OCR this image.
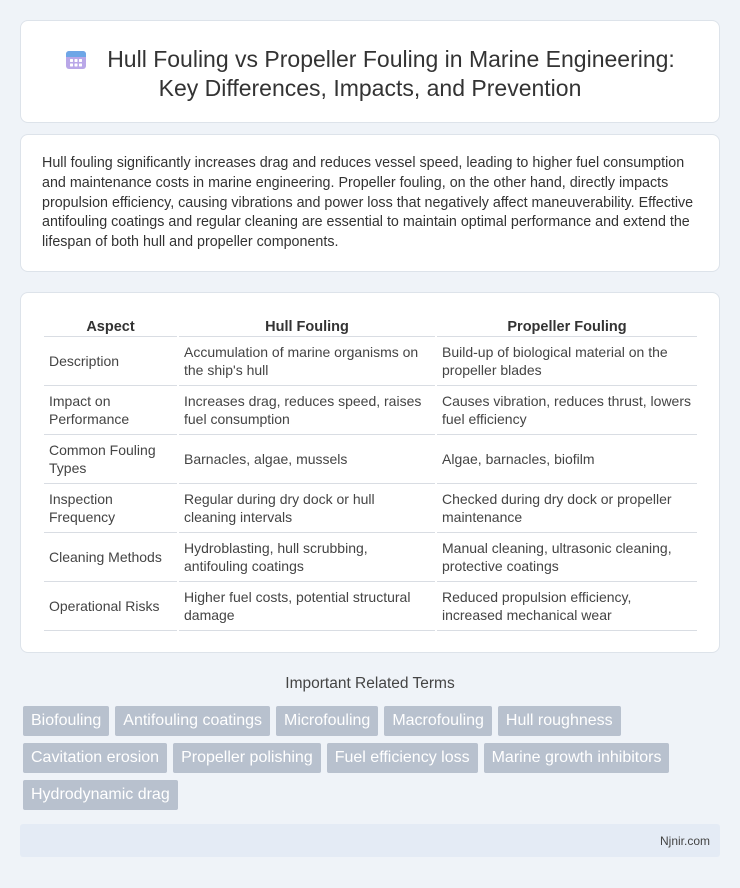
Hull Fouling vs Propeller Fouling in Marine Engineering:
Key Differences, Impacts, and Prevention

Hull fouling significantly increases drag and reduces vessel speed, leading to higher fuel consumption and maintenance costs in marine engineering. Propeller fouling, on the other hand, directly impacts propulsion efficiency, causing vibrations and power loss that negatively affect maneuverability. Effective antifouling coatings and regular cleaning are essential to maintain optimal performance and extend the lifespan of both hull and propeller components.

Aspect	Hull Fouling	Propeller Fouling
Description	Accumulation of marine organisms on the ship's hull	Build-up of biological material on the propeller blades
Impact on Performance	Increases drag, reduces speed, raises fuel consumption	Causes vibration, reduces thrust, lowers fuel efficiency
Common Fouling Types	Barnacles, algae, mussels	Algae, barnacles, biofilm
Inspection Frequency	Regular during dry dock or hull cleaning intervals	Checked during dry dock or propeller maintenance
Cleaning Methods	Hydroblasting, hull scrubbing, antifouling coatings	Manual cleaning, ultrasonic cleaning, protective coatings
Operational Risks	Higher fuel costs, potential structural damage	Reduced propulsion efficiency, increased mechanical wear
Important Related Terms
Biofouling	Antifouling coatings	Microfouling	Macrofouling	Hull roughness
Cavitation erosion	Propeller polishing	Fuel efficiency loss	Marine growth inhibitors
Hydrodynamic drag
Njnir.com
